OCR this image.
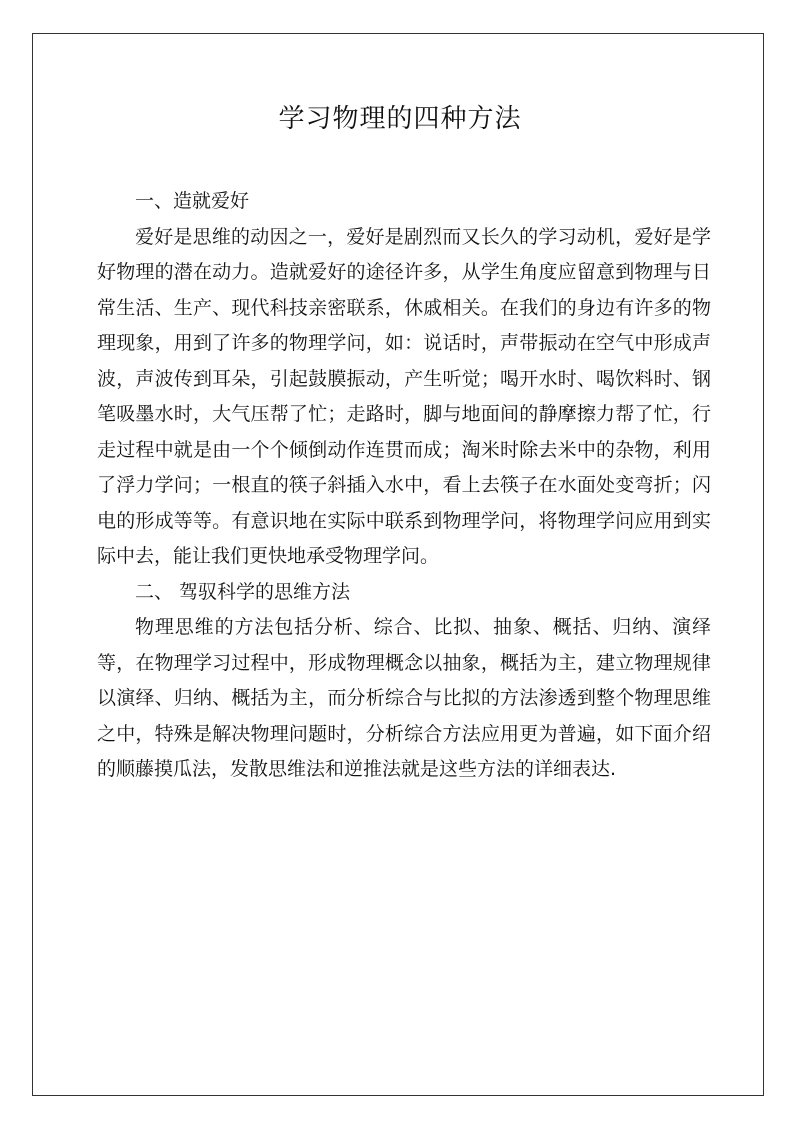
学习物理的四种方法

一、造就爱好

爱好是思维的动因之一，爱好是剧烈而又长久的学习动机，爱好是学好物理的潜在动力。造就爱好的途径许多，从学生角度应留意到物理与日常生活、生产、现代科技亲密联系，休戚相关。在我们的身边有许多的物理现象，用到了许多的物理学问，如：说话时，声带振动在空气中形成声波，声波传到耳朵，引起鼓膜振动，产生听觉；喝开水时、喝饮料时、钢笔吸墨水时，大气压帮了忙；走路时，脚与地面间的静摩擦力帮了忙，行走过程中就是由一个个倾倒动作连贯而成；淘米时除去米中的杂物，利用了浮力学问；一根直的筷子斜插入水中，看上去筷子在水面处变弯折；闪电的形成等等。有意识地在实际中联系到物理学问，将物理学问应用到实际中去，能让我们更快地承受物理学问。

二、 驾驭科学的思维方法

物理思维的方法包括分析、综合、比拟、抽象、概括、归纳、演绎等，在物理学习过程中，形成物理概念以抽象，概括为主，建立物理规律以演绎、归纳、概括为主，而分析综合与比拟的方法渗透到整个物理思维之中，特殊是解决物理问题时，分析综合方法应用更为普遍，如下面介绍的顺藤摸瓜法，发散思维法和逆推法就是这些方法的详细表达.
